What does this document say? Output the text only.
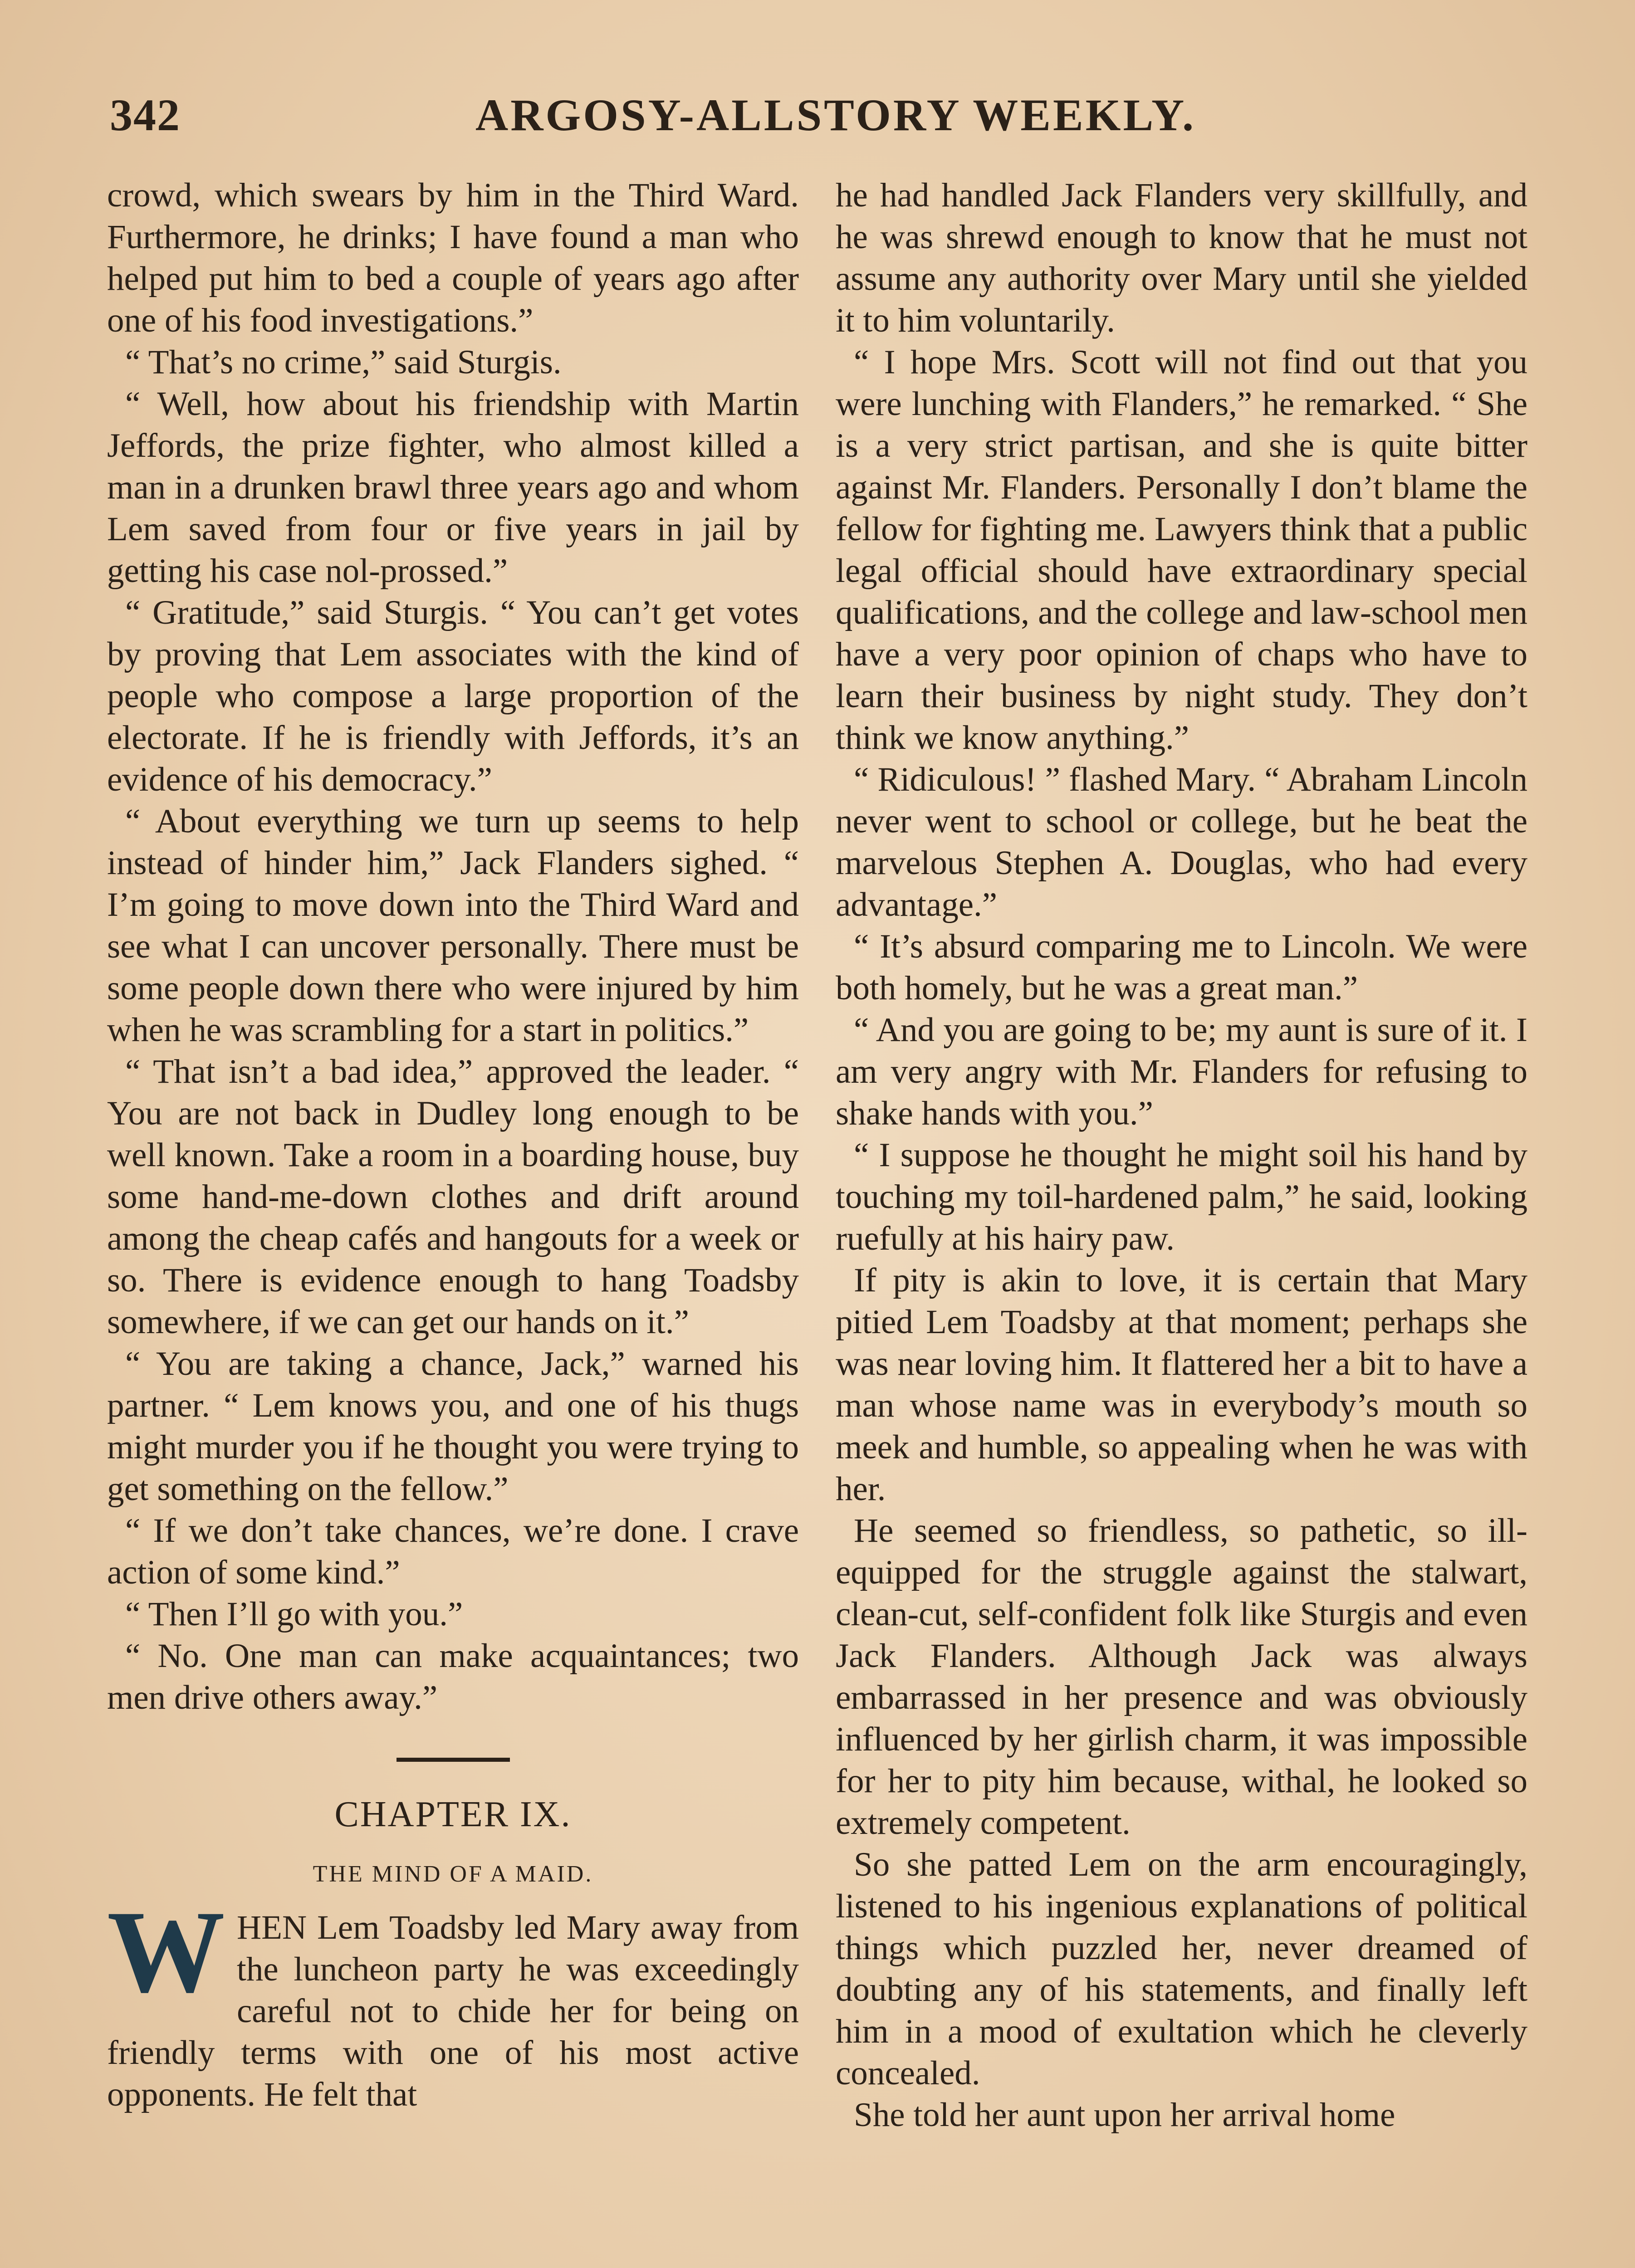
342	ARGOSY-ALLSTORY WEEKLY.

crowd, which swears by him in the Third Ward. Furthermore, he drinks; I have found a man who helped put him to bed a couple of years ago after one of his food investigations.”

“ That’s no crime,” said Sturgis.

“ Well, how about his friendship with Martin Jeffords, the prize fighter, who almost killed a man in a drunken brawl three years ago and whom Lem saved from four or five years in jail by getting his case nol-prossed.”

“ Gratitude,” said Sturgis. “ You can’t get votes by proving that Lem associates with the kind of people who compose a large proportion of the electorate. If he is friendly with Jeffords, it’s an evidence of his democracy.”

“ About everything we turn up seems to help instead of hinder him,” Jack Flanders sighed. “ I’m going to move down into the Third Ward and see what I can uncover personally. There must be some people down there who were injured by him when he was scrambling for a start in politics.”

“ That isn’t a bad idea,” approved the leader. “ You are not back in Dudley long enough to be well known. Take a room in a boarding house, buy some hand-me-down clothes and drift around among the cheap cafés and hangouts for a week or so. There is evidence enough to hang Toadsby somewhere, if we can get our hands on it.”

“ You are taking a chance, Jack,” warned his partner. “ Lem knows you, and one of his thugs might murder you if he thought you were trying to get something on the fellow.”

“ If we don’t take chances, we’re done. I crave action of some kind.”

“ Then I’ll go with you.”

“ No. One man can make acquaintances; two men drive others away.”

CHAPTER IX.
THE MIND OF A MAID.

WHEN Lem Toadsby led Mary away from the luncheon party he was exceedingly careful not to chide her for being on friendly terms with one of his most active opponents. He felt that

he had handled Jack Flanders very skillfully, and he was shrewd enough to know that he must not assume any authority over Mary until she yielded it to him voluntarily.

“ I hope Mrs. Scott will not find out that you were lunching with Flanders,” he remarked. “ She is a very strict partisan, and she is quite bitter against Mr. Flanders. Personally I don’t blame the fellow for fighting me. Lawyers think that a public legal official should have extraordinary special qualifications, and the college and law-school men have a very poor opinion of chaps who have to learn their business by night study. They don’t think we know anything.”

“ Ridiculous! ” flashed Mary. “ Abraham Lincoln never went to school or college, but he beat the marvelous Stephen A. Douglas, who had every advantage.”

“ It’s absurd comparing me to Lincoln. We were both homely, but he was a great man.”

“ And you are going to be; my aunt is sure of it. I am very angry with Mr. Flanders for refusing to shake hands with you.”

“ I suppose he thought he might soil his hand by touching my toil-hardened palm,” he said, looking ruefully at his hairy paw.

If pity is akin to love, it is certain that Mary pitied Lem Toadsby at that moment; perhaps she was near loving him. It flattered her a bit to have a man whose name was in everybody’s mouth so meek and humble, so appealing when he was with her.

He seemed so friendless, so pathetic, so ill-equipped for the struggle against the stalwart, clean-cut, self-confident folk like Sturgis and even Jack Flanders. Although Jack was always embarrassed in her presence and was obviously influenced by her girlish charm, it was impossible for her to pity him because, withal, he looked so extremely competent.

So she patted Lem on the arm encouragingly, listened to his ingenious explanations of political things which puzzled her, never dreamed of doubting any of his statements, and finally left him in a mood of exultation which he cleverly concealed.

She told her aunt upon her arrival home
